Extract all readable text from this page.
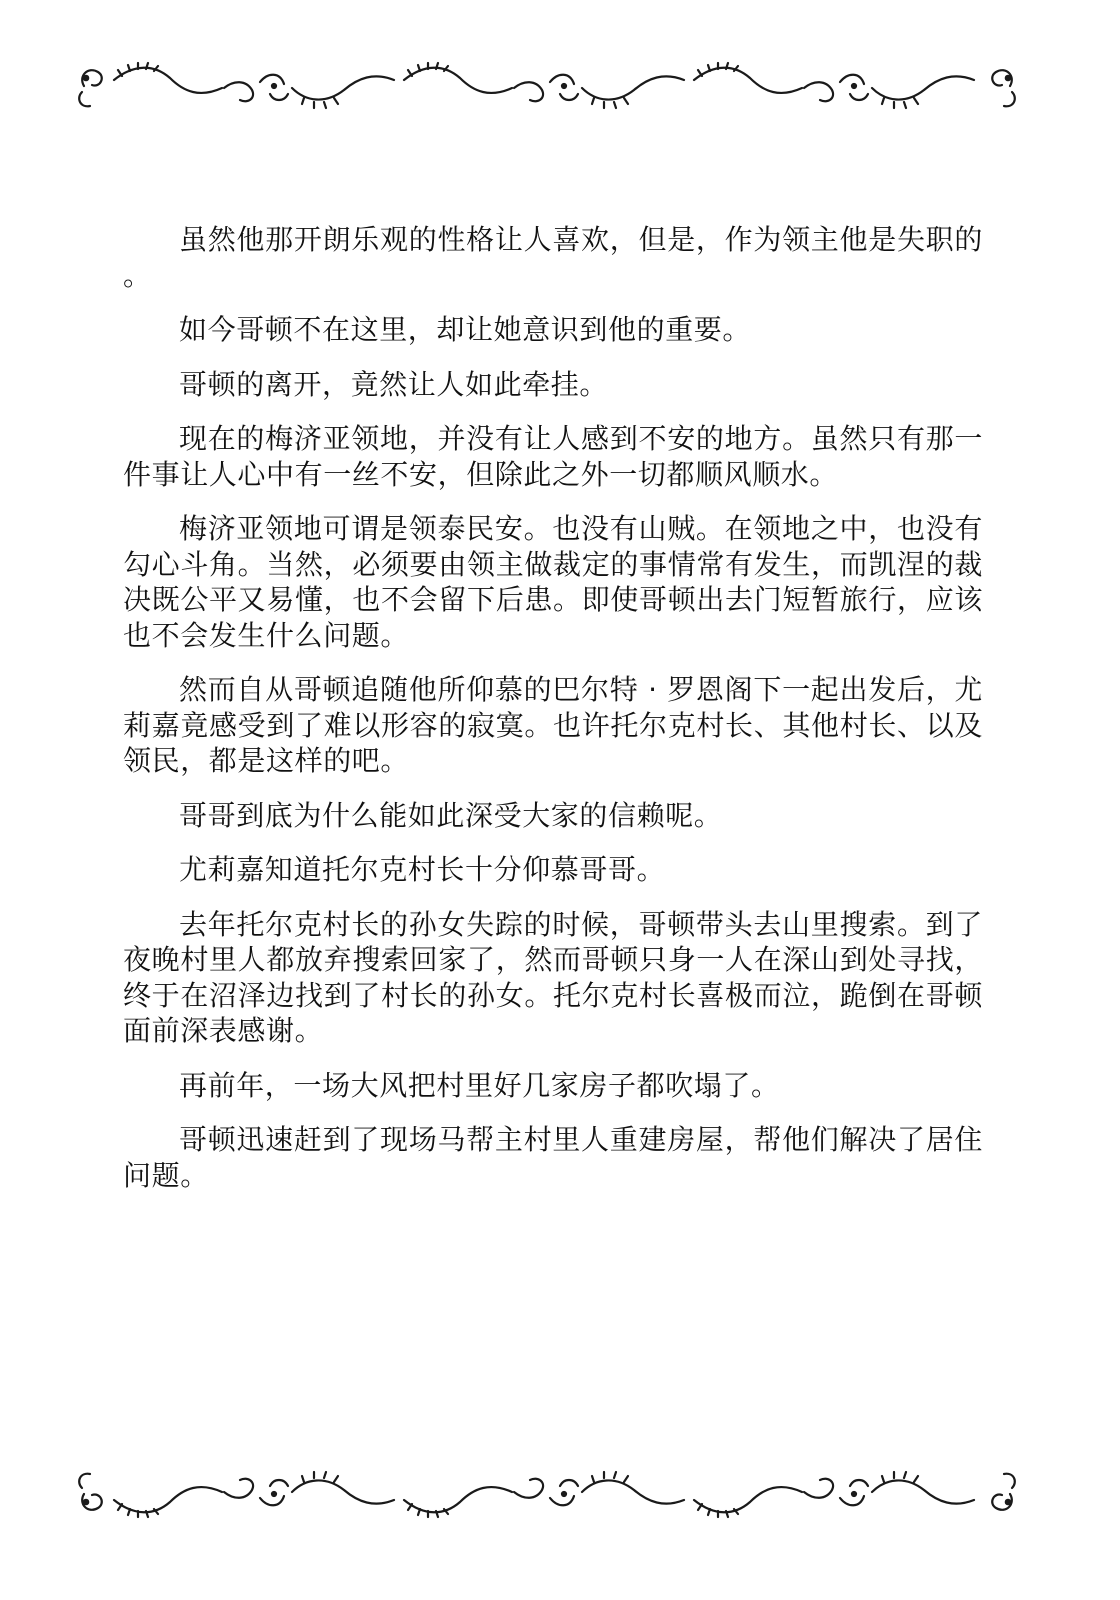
虽然他那开朗乐观的性格让人喜欢，但是，作为领主他是失职的。

如今哥顿不在这里，却让她意识到他的重要。

哥顿的离开，竟然让人如此牵挂。

现在的梅济亚领地，并没有让人感到不安的地方。虽然只有那一件事让人心中有一丝不安，但除此之外一切都顺风顺水。

梅济亚领地可谓是领泰民安。也没有山贼。在领地之中，也没有勾心斗角。当然，必须要由领主做裁定的事情常有发生，而凯涅的裁决既公平又易懂，也不会留下后患。即使哥顿出去门短暂旅行，应该也不会发生什么问题。

然而自从哥顿追随他所仰慕的巴尔特 · 罗恩阁下一起出发后，尤莉嘉竟感受到了难以形容的寂寞。也许托尔克村长、其他村长、以及领民，都是这样的吧。

哥哥到底为什么能如此深受大家的信赖呢。

尤莉嘉知道托尔克村长十分仰慕哥哥。

去年托尔克村长的孙女失踪的时候，哥顿带头去山里搜索。到了夜晚村里人都放弃搜索回家了，然而哥顿只身一人在深山到处寻找，终于在沼泽边找到了村长的孙女。托尔克村长喜极而泣，跪倒在哥顿面前深表感谢。

再前年，一场大风把村里好几家房子都吹塌了。

哥顿迅速赶到了现场马帮主村里人重建房屋，帮他们解决了居住问题。
